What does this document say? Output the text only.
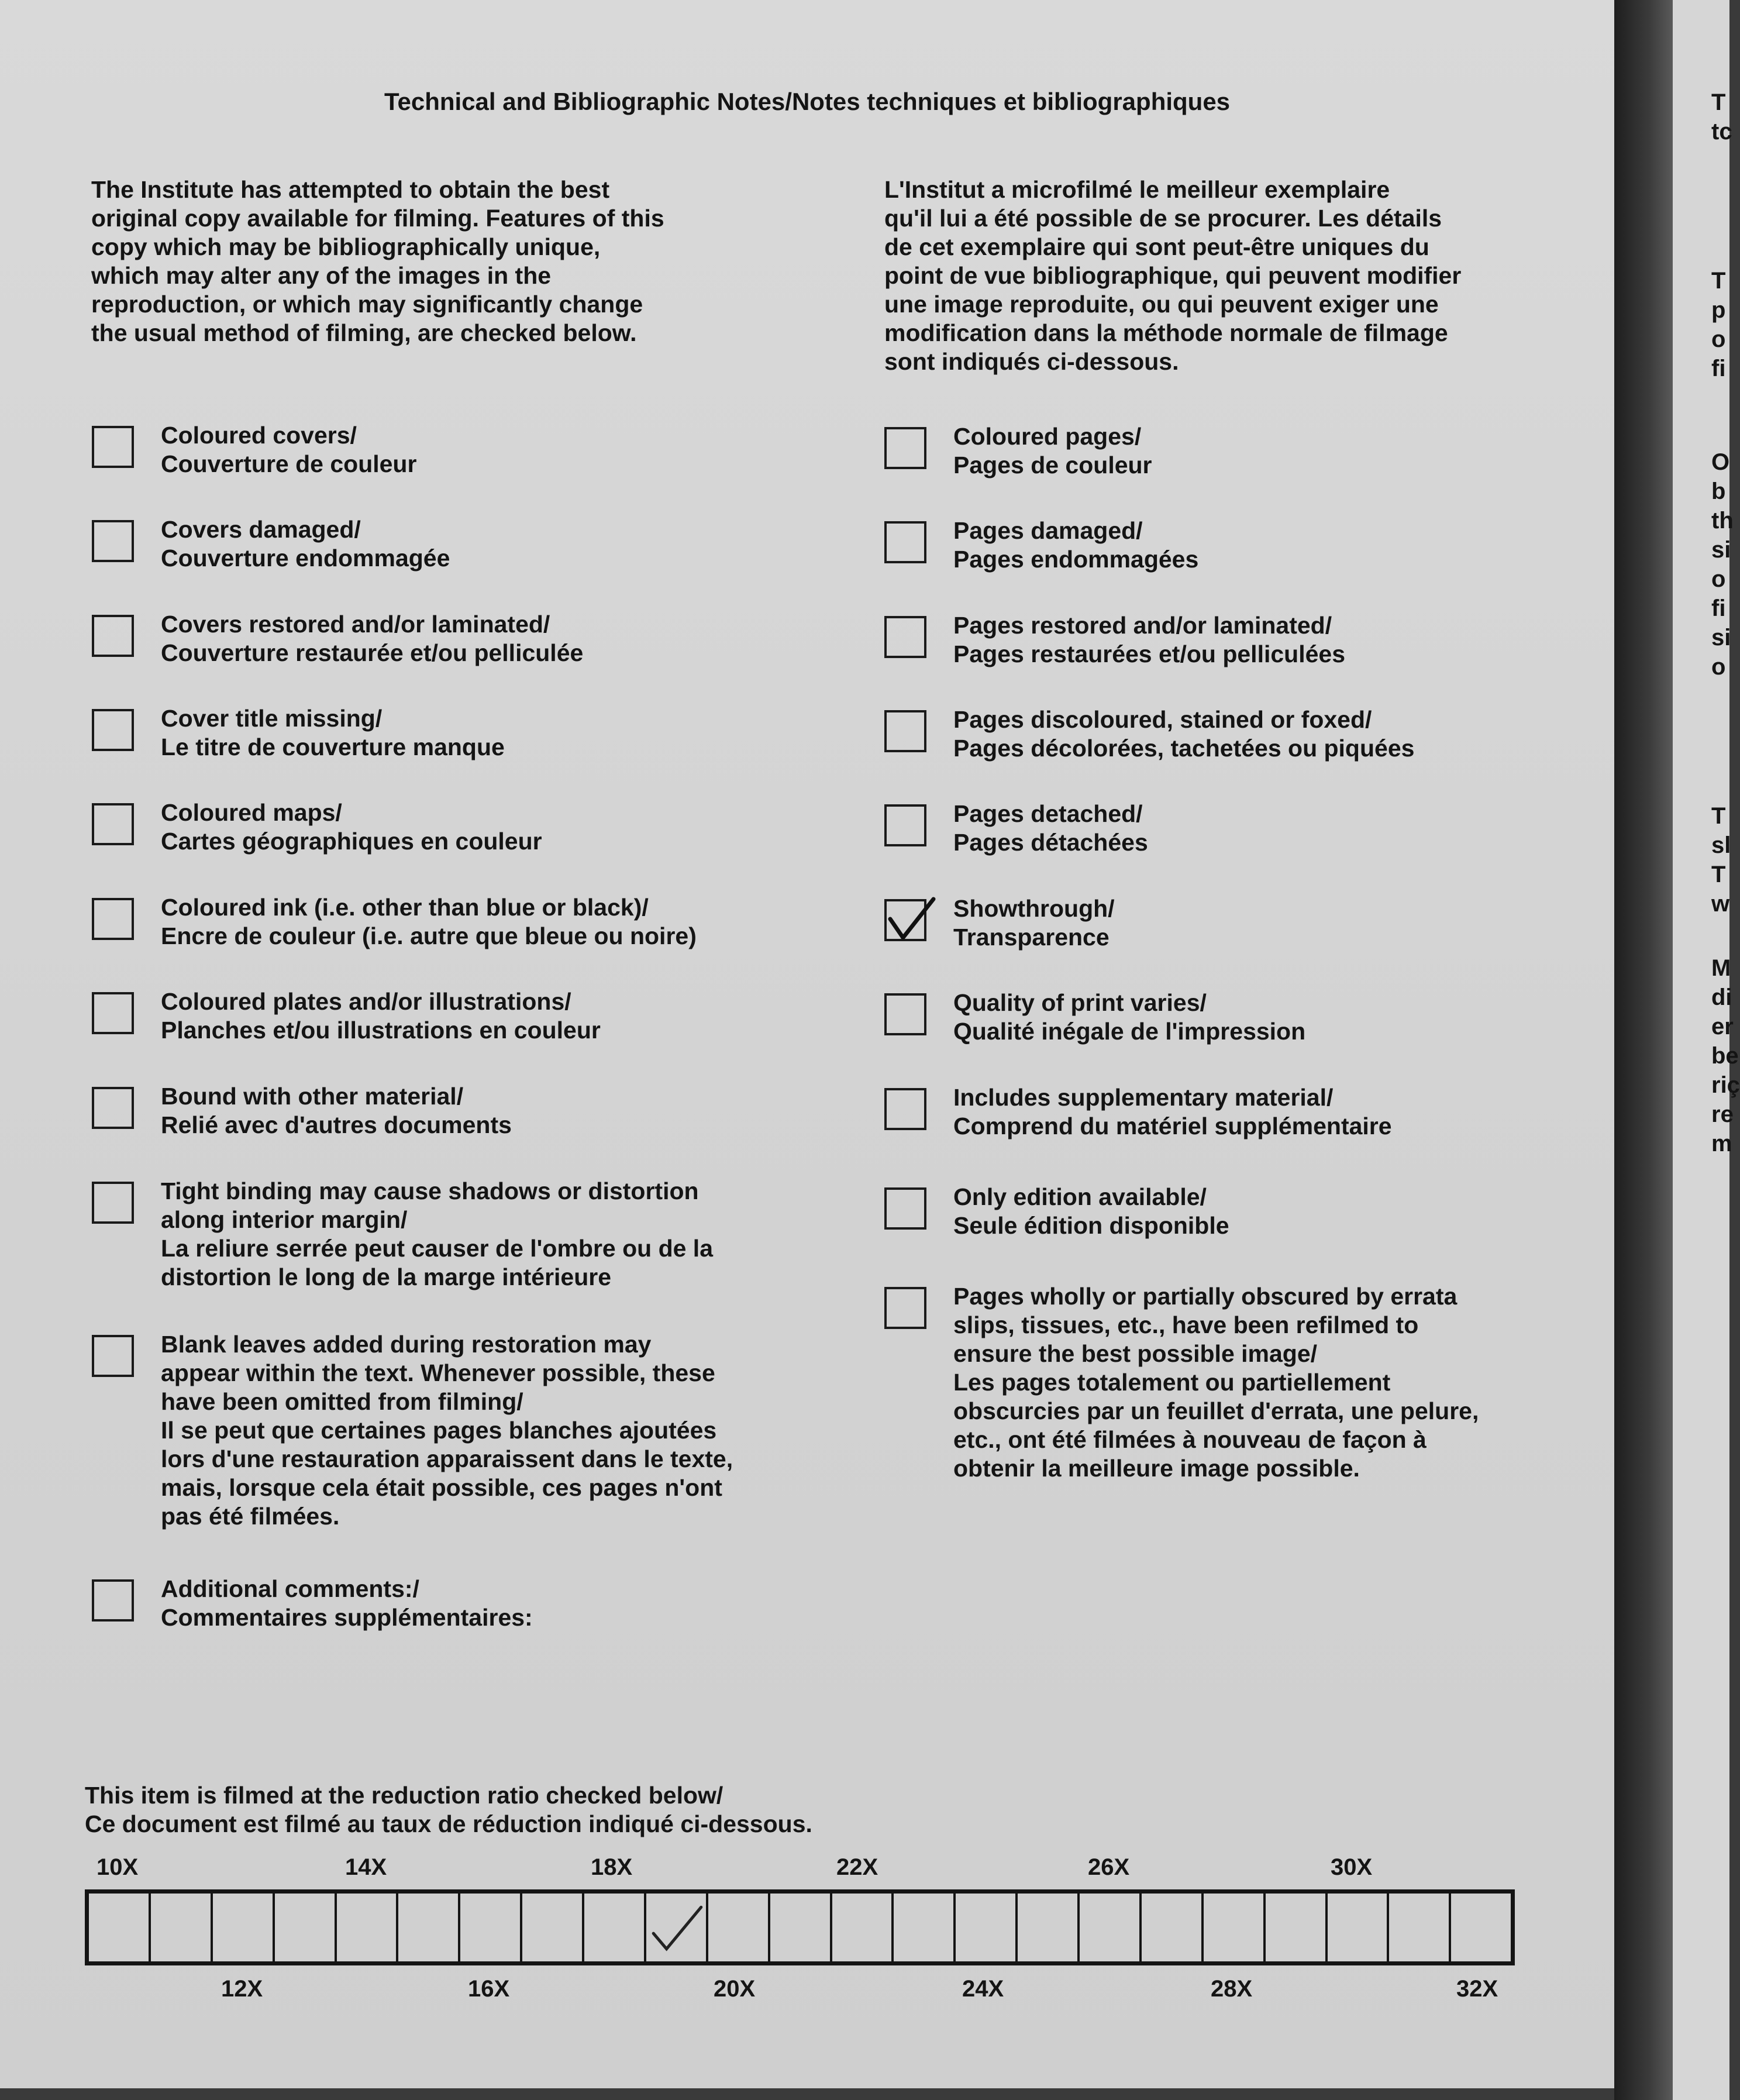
Technical and Bibliographic Notes/Notes techniques et bibliographiques
The Institute has attempted to obtain the best
original copy available for filming. Features of this
copy which may be bibliographically unique,
which may alter any of the images in the
reproduction, or which may significantly change
the usual method of filming, are checked below.
L'Institut a microfilmé le meilleur exemplaire
qu'il lui a été possible de se procurer. Les détails
de cet exemplaire qui sont peut-être uniques du
point de vue bibliographique, qui peuvent modifier
une image reproduite, ou qui peuvent exiger une
modification dans la méthode normale de filmage
sont indiqués ci-dessous.
Coloured covers/
Couverture de couleur
Covers damaged/
Couverture endommagée
Covers restored and/or laminated/
Couverture restaurée et/ou pelliculée
Cover title missing/
Le titre de couverture manque
Coloured maps/
Cartes géographiques en couleur
Coloured ink (i.e. other than blue or black)/
Encre de couleur (i.e. autre que bleue ou noire)
Coloured plates and/or illustrations/
Planches et/ou illustrations en couleur
Bound with other material/
Relié avec d'autres documents
Tight binding may cause shadows or distortion
along interior margin/
La reliure serrée peut causer de l'ombre ou de la
distortion le long de la marge intérieure
Blank leaves added during restoration may
appear within the text. Whenever possible, these
have been omitted from filming/
Il se peut que certaines pages blanches ajoutées
lors d'une restauration apparaissent dans le texte,
mais, lorsque cela était possible, ces pages n'ont
pas été filmées.
Additional comments:/
Commentaires supplémentaires:
Coloured pages/
Pages de couleur
Pages damaged/
Pages endommagées
Pages restored and/or laminated/
Pages restaurées et/ou pelliculées
Pages discoloured, stained or foxed/
Pages décolorées, tachetées ou piquées
Pages detached/
Pages détachées
Showthrough/
Transparence
Quality of print varies/
Qualité inégale de l'impression
Includes supplementary material/
Comprend du matériel supplémentaire
Only edition available/
Seule édition disponible
Pages wholly or partially obscured by errata
slips, tissues, etc., have been refilmed to
ensure the best possible image/
Les pages totalement ou partiellement
obscurcies par un feuillet d'errata, une pelure,
etc., ont été filmées à nouveau de façon à
obtenir la meilleure image possible.
This item is filmed at the reduction ratio checked below/
Ce document est filmé au taux de réduction indiqué ci-dessous.
10X	14X	18X	22X	26X	30X
12X	16X	20X	24X	28X	32X
T
tc
T
p
o
fi
O
b
th
si
o
fi
si
o
T
sl
T
w
M
di
er
be
riç
re
m
